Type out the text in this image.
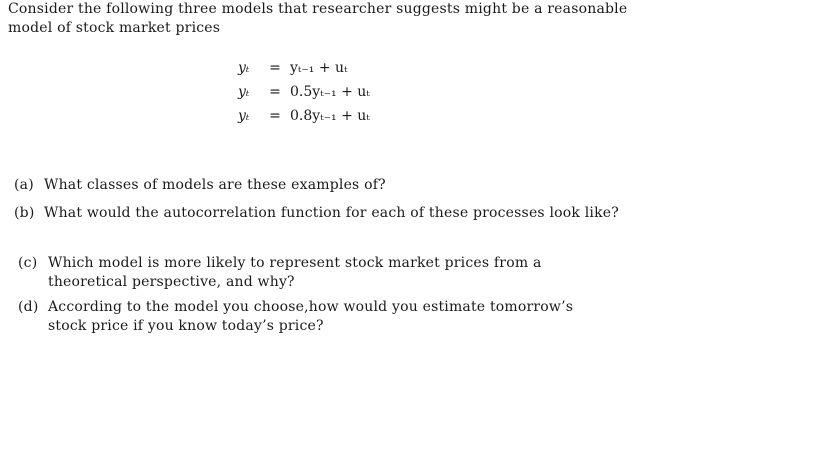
Consider the following three models that researcher suggests might be a reasonable model of stock market prices
yₜ = yₜ₋₁ + uₜ
yₜ = 0.5yₜ₋₁ + uₜ
yₜ = 0.8yₜ₋₁ + uₜ
(a) What classes of models are these examples of?
(b) What would the autocorrelation function for each of these processes look like?
(c) Which model is more likely to represent stock market prices from a theoretical perspective, and why?
(d) According to the model you choose,how would you estimate tomorrow’s stock price if you know today’s price?
